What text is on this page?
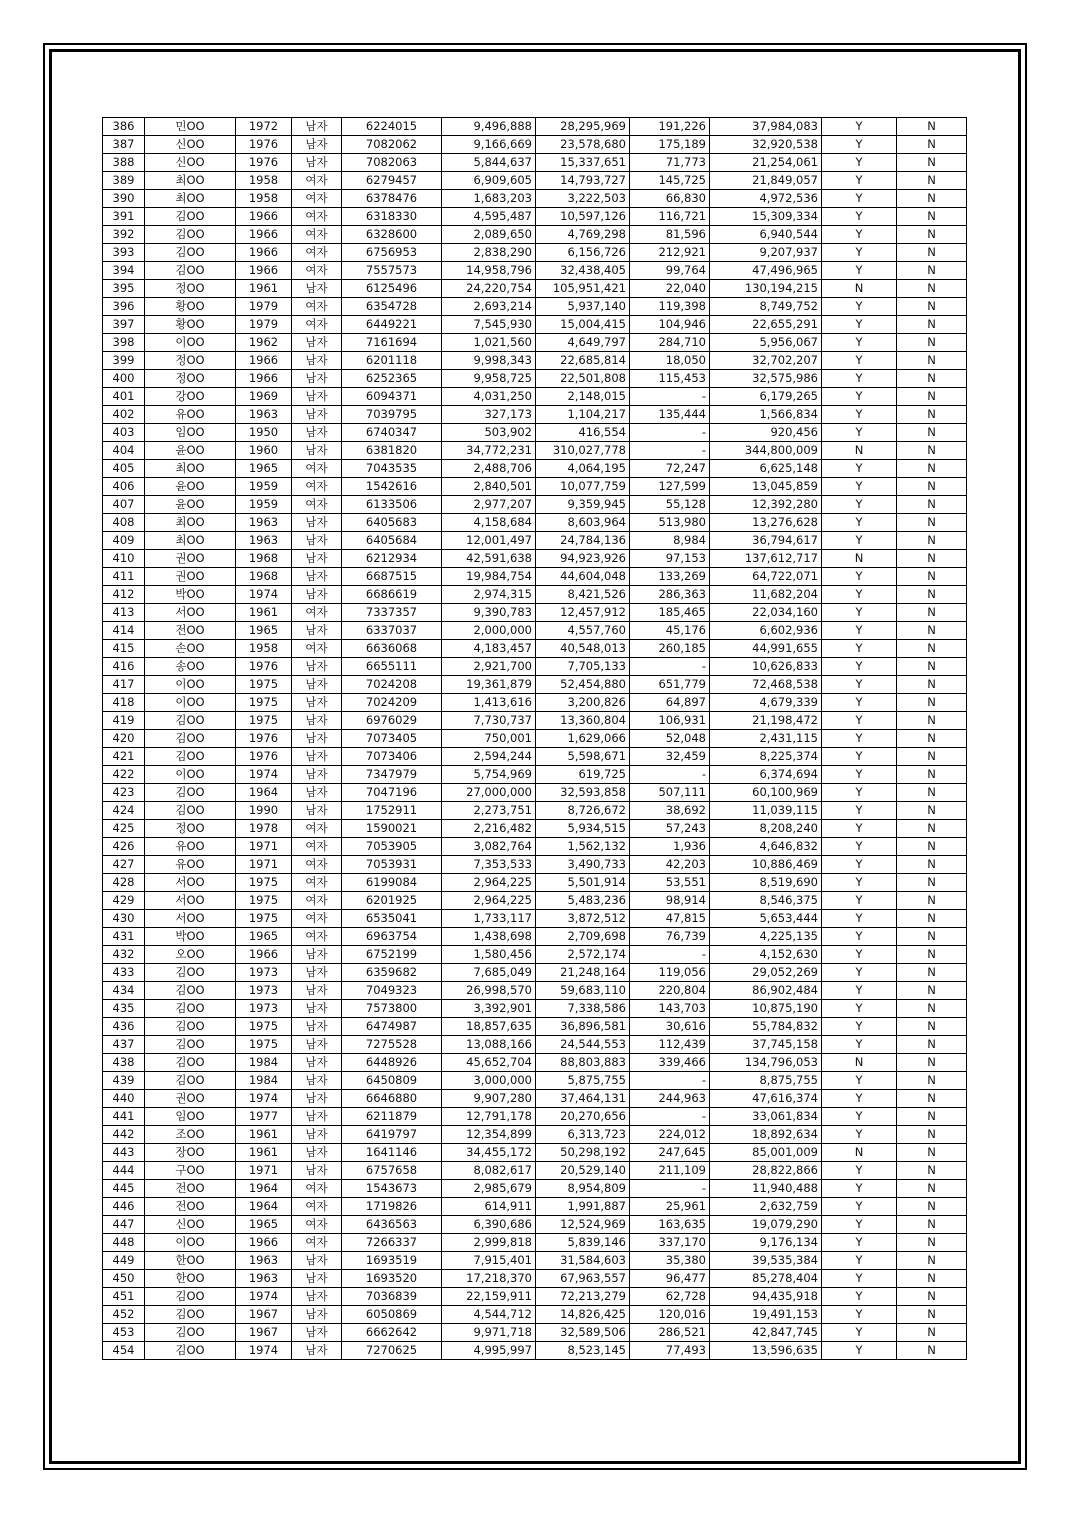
386	민OO	1972	남자	6224015	9,496,888	28,295,969	191,226	37,984,083	Y	N
387	신OO	1976	남자	7082062	9,166,669	23,578,680	175,189	32,920,538	Y	N
388	신OO	1976	남자	7082063	5,844,637	15,337,651	71,773	21,254,061	Y	N
389	최OO	1958	여자	6279457	6,909,605	14,793,727	145,725	21,849,057	Y	N
390	최OO	1958	여자	6378476	1,683,203	3,222,503	66,830	4,972,536	Y	N
391	김OO	1966	여자	6318330	4,595,487	10,597,126	116,721	15,309,334	Y	N
392	김OO	1966	여자	6328600	2,089,650	4,769,298	81,596	6,940,544	Y	N
393	김OO	1966	여자	6756953	2,838,290	6,156,726	212,921	9,207,937	Y	N
394	김OO	1966	여자	7557573	14,958,796	32,438,405	99,764	47,496,965	Y	N
395	정OO	1961	남자	6125496	24,220,754	105,951,421	22,040	130,194,215	N	N
396	황OO	1979	여자	6354728	2,693,214	5,937,140	119,398	8,749,752	Y	N
397	황OO	1979	여자	6449221	7,545,930	15,004,415	104,946	22,655,291	Y	N
398	이OO	1962	남자	7161694	1,021,560	4,649,797	284,710	5,956,067	Y	N
399	정OO	1966	남자	6201118	9,998,343	22,685,814	18,050	32,702,207	Y	N
400	정OO	1966	남자	6252365	9,958,725	22,501,808	115,453	32,575,986	Y	N
401	강OO	1969	남자	6094371	4,031,250	2,148,015	-	6,179,265	Y	N
402	유OO	1963	남자	7039795	327,173	1,104,217	135,444	1,566,834	Y	N
403	임OO	1950	남자	6740347	503,902	416,554	-	920,456	Y	N
404	윤OO	1960	남자	6381820	34,772,231	310,027,778	-	344,800,009	N	N
405	최OO	1965	여자	7043535	2,488,706	4,064,195	72,247	6,625,148	Y	N
406	윤OO	1959	여자	1542616	2,840,501	10,077,759	127,599	13,045,859	Y	N
407	윤OO	1959	여자	6133506	2,977,207	9,359,945	55,128	12,392,280	Y	N
408	최OO	1963	남자	6405683	4,158,684	8,603,964	513,980	13,276,628	Y	N
409	최OO	1963	남자	6405684	12,001,497	24,784,136	8,984	36,794,617	Y	N
410	권OO	1968	남자	6212934	42,591,638	94,923,926	97,153	137,612,717	N	N
411	권OO	1968	남자	6687515	19,984,754	44,604,048	133,269	64,722,071	Y	N
412	박OO	1974	남자	6686619	2,974,315	8,421,526	286,363	11,682,204	Y	N
413	서OO	1961	여자	7337357	9,390,783	12,457,912	185,465	22,034,160	Y	N
414	전OO	1965	남자	6337037	2,000,000	4,557,760	45,176	6,602,936	Y	N
415	손OO	1958	여자	6636068	4,183,457	40,548,013	260,185	44,991,655	Y	N
416	송OO	1976	남자	6655111	2,921,700	7,705,133	-	10,626,833	Y	N
417	이OO	1975	남자	7024208	19,361,879	52,454,880	651,779	72,468,538	Y	N
418	이OO	1975	남자	7024209	1,413,616	3,200,826	64,897	4,679,339	Y	N
419	김OO	1975	남자	6976029	7,730,737	13,360,804	106,931	21,198,472	Y	N
420	김OO	1976	남자	7073405	750,001	1,629,066	52,048	2,431,115	Y	N
421	김OO	1976	남자	7073406	2,594,244	5,598,671	32,459	8,225,374	Y	N
422	이OO	1974	남자	7347979	5,754,969	619,725	-	6,374,694	Y	N
423	김OO	1964	남자	7047196	27,000,000	32,593,858	507,111	60,100,969	Y	N
424	김OO	1990	남자	1752911	2,273,751	8,726,672	38,692	11,039,115	Y	N
425	정OO	1978	여자	1590021	2,216,482	5,934,515	57,243	8,208,240	Y	N
426	유OO	1971	여자	7053905	3,082,764	1,562,132	1,936	4,646,832	Y	N
427	유OO	1971	여자	7053931	7,353,533	3,490,733	42,203	10,886,469	Y	N
428	서OO	1975	여자	6199084	2,964,225	5,501,914	53,551	8,519,690	Y	N
429	서OO	1975	여자	6201925	2,964,225	5,483,236	98,914	8,546,375	Y	N
430	서OO	1975	여자	6535041	1,733,117	3,872,512	47,815	5,653,444	Y	N
431	박OO	1965	여자	6963754	1,438,698	2,709,698	76,739	4,225,135	Y	N
432	오OO	1966	남자	6752199	1,580,456	2,572,174	-	4,152,630	Y	N
433	김OO	1973	남자	6359682	7,685,049	21,248,164	119,056	29,052,269	Y	N
434	김OO	1973	남자	7049323	26,998,570	59,683,110	220,804	86,902,484	Y	N
435	김OO	1973	남자	7573800	3,392,901	7,338,586	143,703	10,875,190	Y	N
436	김OO	1975	남자	6474987	18,857,635	36,896,581	30,616	55,784,832	Y	N
437	김OO	1975	남자	7275528	13,088,166	24,544,553	112,439	37,745,158	Y	N
438	김OO	1984	남자	6448926	45,652,704	88,803,883	339,466	134,796,053	N	N
439	김OO	1984	남자	6450809	3,000,000	5,875,755	-	8,875,755	Y	N
440	권OO	1974	남자	6646880	9,907,280	37,464,131	244,963	47,616,374	Y	N
441	임OO	1977	남자	6211879	12,791,178	20,270,656	-	33,061,834	Y	N
442	조OO	1961	남자	6419797	12,354,899	6,313,723	224,012	18,892,634	Y	N
443	장OO	1961	남자	1641146	34,455,172	50,298,192	247,645	85,001,009	N	N
444	구OO	1971	남자	6757658	8,082,617	20,529,140	211,109	28,822,866	Y	N
445	전OO	1964	여자	1543673	2,985,679	8,954,809	-	11,940,488	Y	N
446	전OO	1964	여자	1719826	614,911	1,991,887	25,961	2,632,759	Y	N
447	신OO	1965	여자	6436563	6,390,686	12,524,969	163,635	19,079,290	Y	N
448	이OO	1966	여자	7266337	2,999,818	5,839,146	337,170	9,176,134	Y	N
449	한OO	1963	남자	1693519	7,915,401	31,584,603	35,380	39,535,384	Y	N
450	한OO	1963	남자	1693520	17,218,370	67,963,557	96,477	85,278,404	Y	N
451	김OO	1974	남자	7036839	22,159,911	72,213,279	62,728	94,435,918	Y	N
452	김OO	1967	남자	6050869	4,544,712	14,826,425	120,016	19,491,153	Y	N
453	김OO	1967	남자	6662642	9,971,718	32,589,506	286,521	42,847,745	Y	N
454	김OO	1974	남자	7270625	4,995,997	8,523,145	77,493	13,596,635	Y	N
